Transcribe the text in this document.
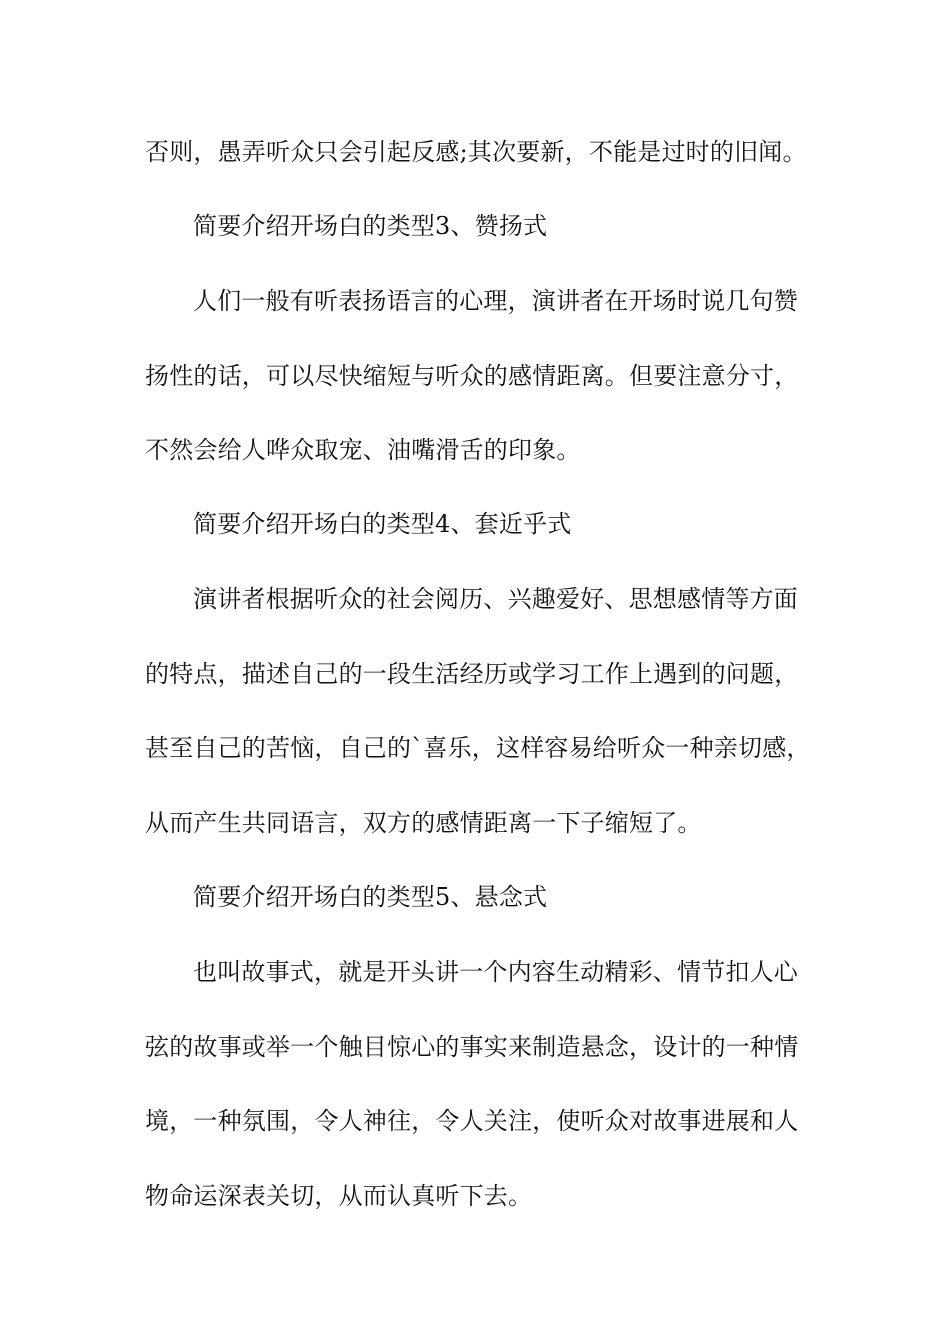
否则，愚弄听众只会引起反感;其次要新，不能是过时的旧闻。
简要介绍开场白的类型3、赞扬式
人们一般有听表扬语言的心理，演讲者在开场时说几句赞
扬性的话，可以尽快缩短与听众的感情距离。但要注意分寸，
不然会给人哗众取宠、油嘴滑舌的印象。
简要介绍开场白的类型4、套近乎式
演讲者根据听众的社会阅历、兴趣爱好、思想感情等方面
的特点，描述自己的一段生活经历或学习工作上遇到的问题，
甚至自己的苦恼，自己的`喜乐，这样容易给听众一种亲切感，
从而产生共同语言，双方的感情距离一下子缩短了。
简要介绍开场白的类型5、悬念式
也叫故事式，就是开头讲一个内容生动精彩、情节扣人心
弦的故事或举一个触目惊心的事实来制造悬念，设计的一种情
境，一种氛围，令人神往，令人关注，使听众对故事进展和人
物命运深表关切，从而认真听下去。
